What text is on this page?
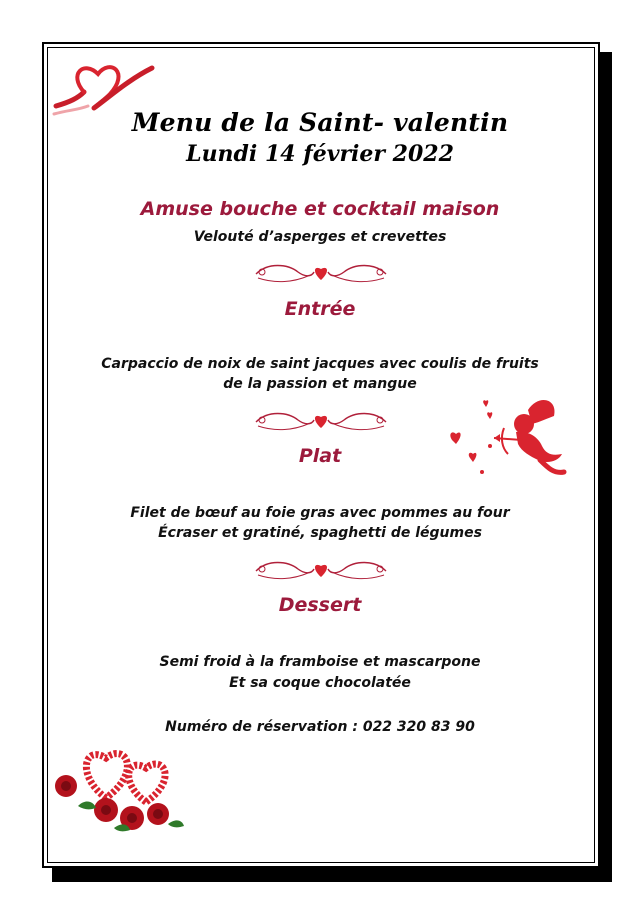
Menu de la Saint- valentin
Lundi 14 février 2022
Amuse bouche et cocktail maison
Velouté d’asperges et crevettes
Entrée
Carpaccio de noix de saint jacques avec coulis de fruits
de la passion et mangue
Plat
Filet de bœuf au foie gras avec pommes au four
Écraser et gratiné, spaghetti de légumes
Dessert
Semi froid à la framboise et mascarpone
Et sa coque chocolatée
Numéro de réservation : 022 320 83 90
